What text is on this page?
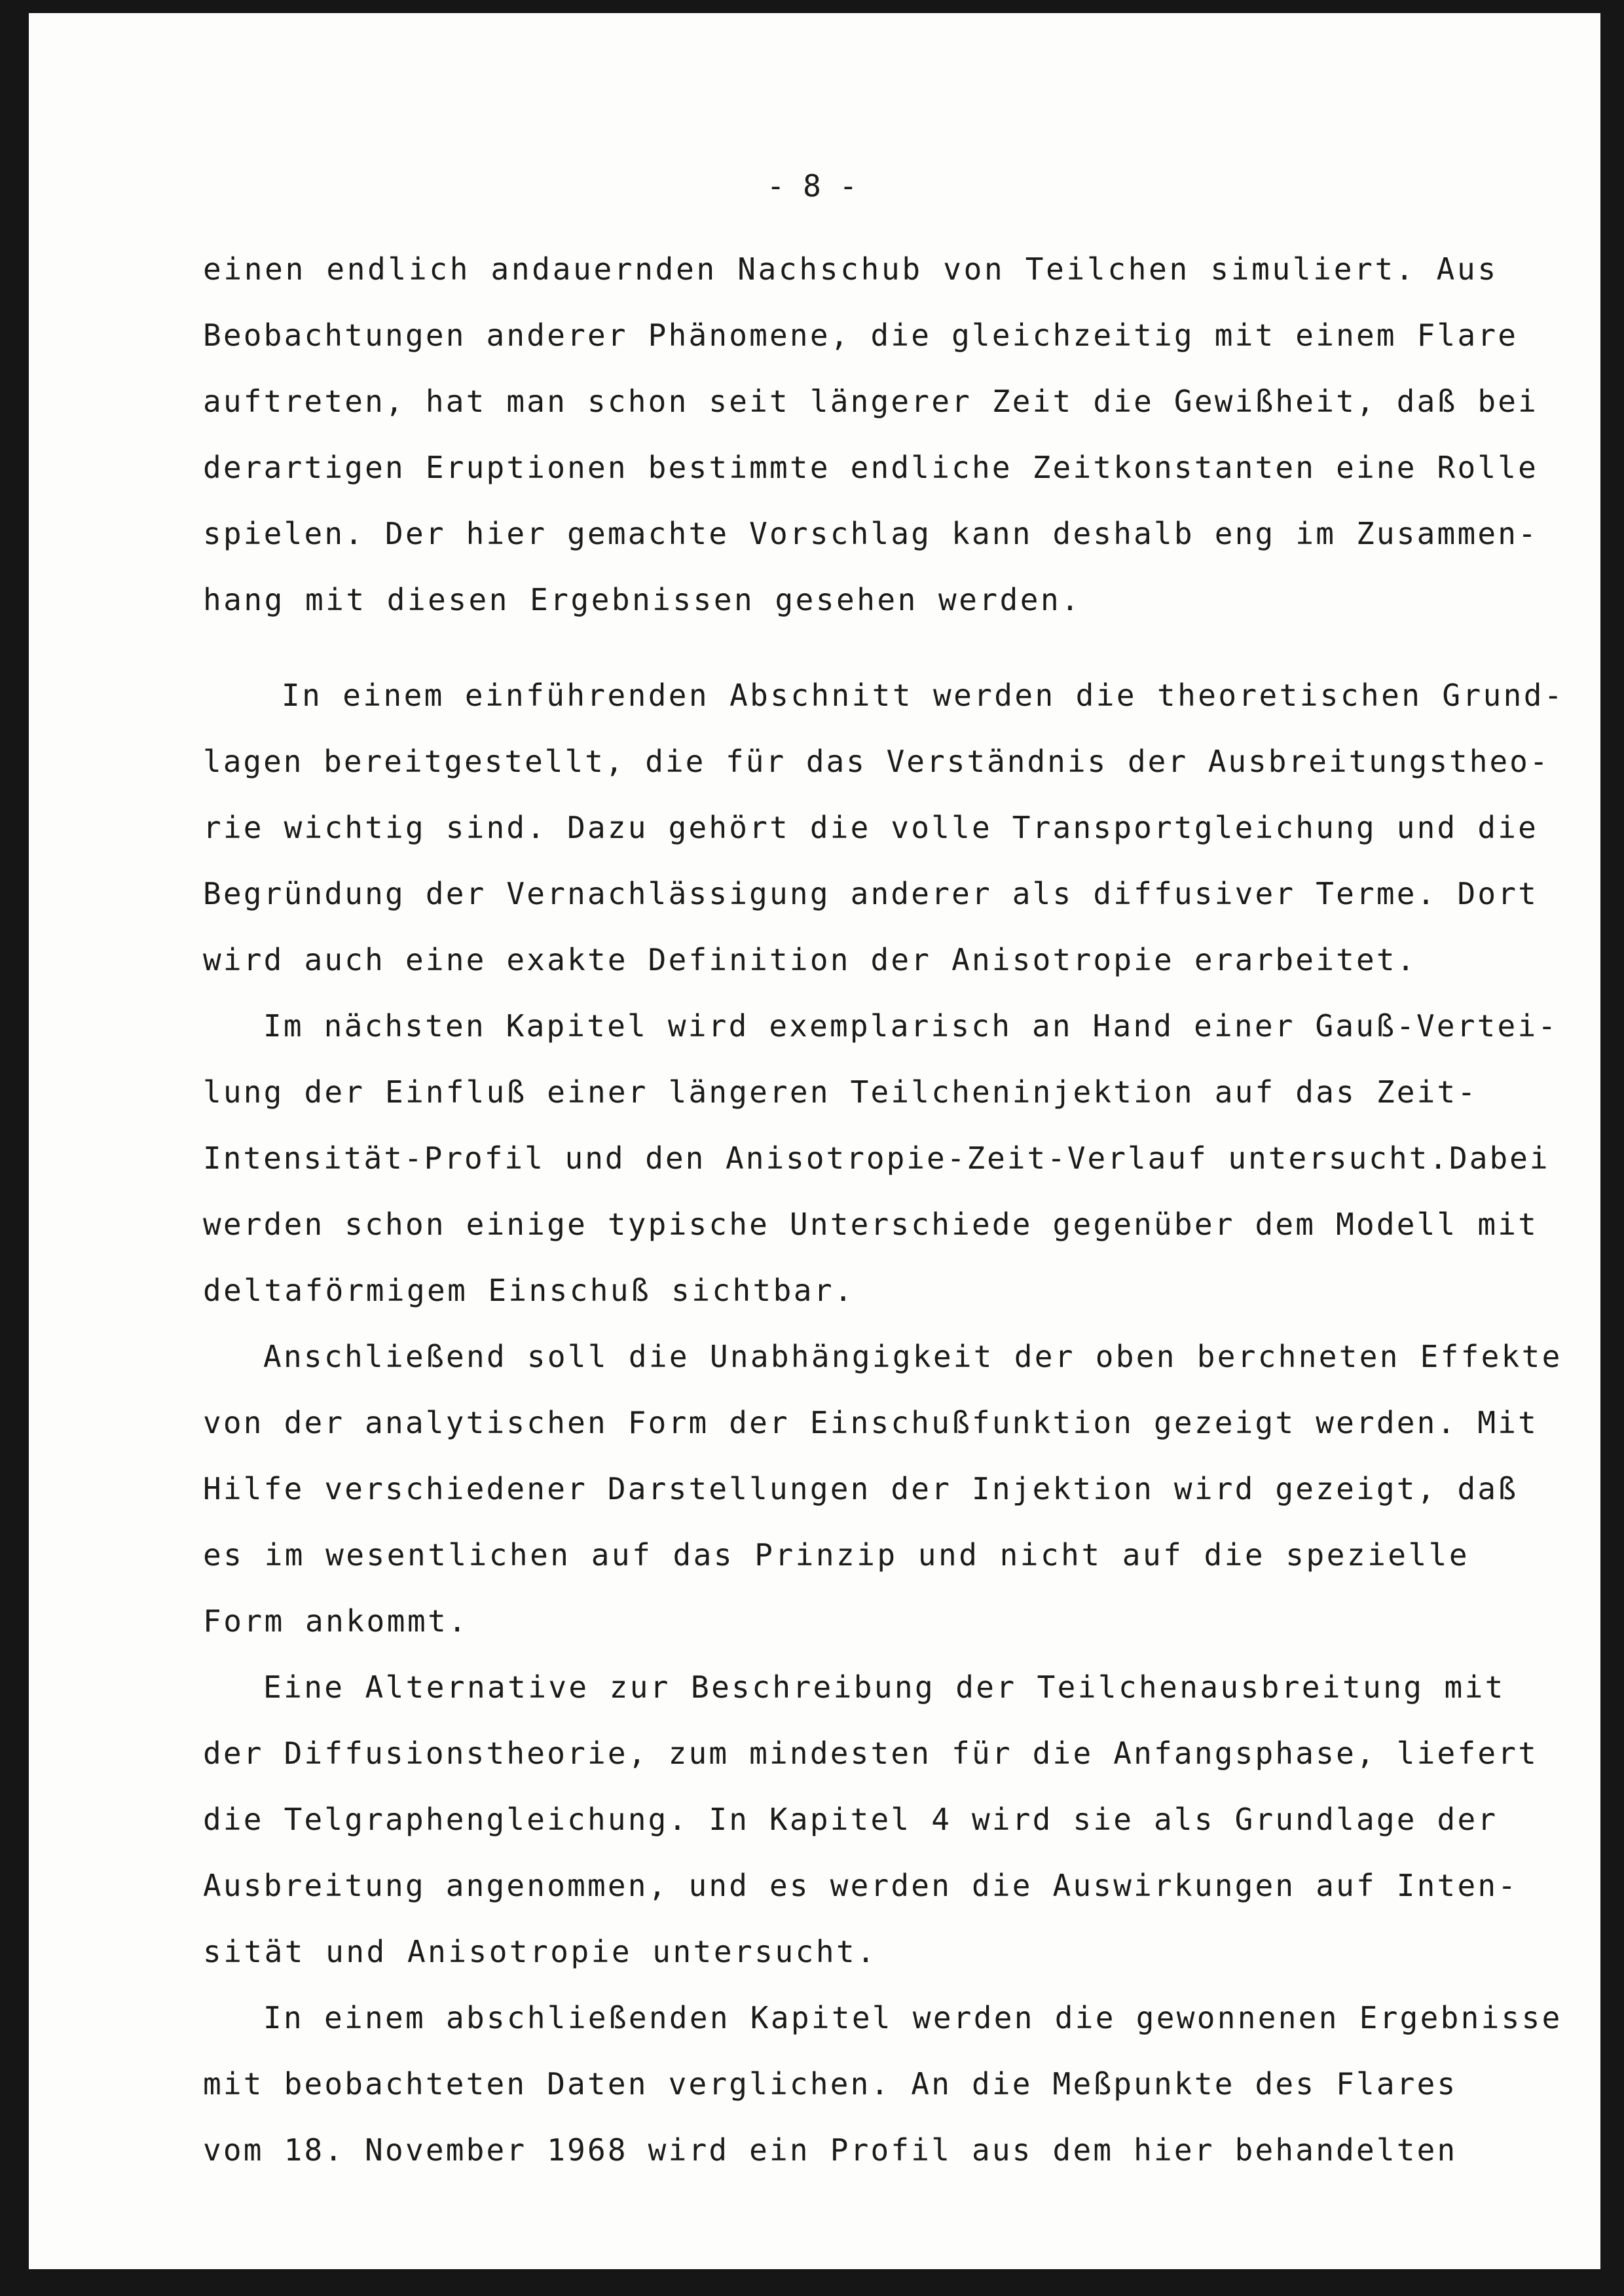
- 8 -
einen endlich andauernden Nachschub von Teilchen simuliert. Aus
Beobachtungen anderer Phänomene, die gleichzeitig mit einem Flare
auftreten, hat man schon seit längerer Zeit die Gewißheit, daß bei
derartigen Eruptionen bestimmte endliche Zeitkonstanten eine Rolle
spielen. Der hier gemachte Vorschlag kann deshalb eng im Zusammen-
hang mit diesen Ergebnissen gesehen werden.
In einem einführenden Abschnitt werden die theoretischen Grund-
lagen bereitgestellt, die für das Verständnis der Ausbreitungstheo-
rie wichtig sind. Dazu gehört die volle Transportgleichung und die
Begründung der Vernachlässigung anderer als diffusiver Terme. Dort
wird auch eine exakte Definition der Anisotropie erarbeitet.
Im nächsten Kapitel wird exemplarisch an Hand einer Gauß-Vertei-
lung der Einfluß einer längeren Teilcheninjektion auf das Zeit-
Intensität-Profil und den Anisotropie-Zeit-Verlauf untersucht.Dabei
werden schon einige typische Unterschiede gegenüber dem Modell mit
deltaförmigem Einschuß sichtbar.
Anschließend soll die Unabhängigkeit der oben berchneten Effekte
von der analytischen Form der Einschußfunktion gezeigt werden. Mit
Hilfe verschiedener Darstellungen der Injektion wird gezeigt, daß
es im wesentlichen auf das Prinzip und nicht auf die spezielle
Form ankommt.
Eine Alternative zur Beschreibung der Teilchenausbreitung mit
der Diffusionstheorie, zum mindesten für die Anfangsphase, liefert
die Telgraphengleichung. In Kapitel 4 wird sie als Grundlage der
Ausbreitung angenommen, und es werden die Auswirkungen auf Inten-
sität und Anisotropie untersucht.
In einem abschließenden Kapitel werden die gewonnenen Ergebnisse
mit beobachteten Daten verglichen. An die Meßpunkte des Flares
vom 18. November 1968 wird ein Profil aus dem hier behandelten
